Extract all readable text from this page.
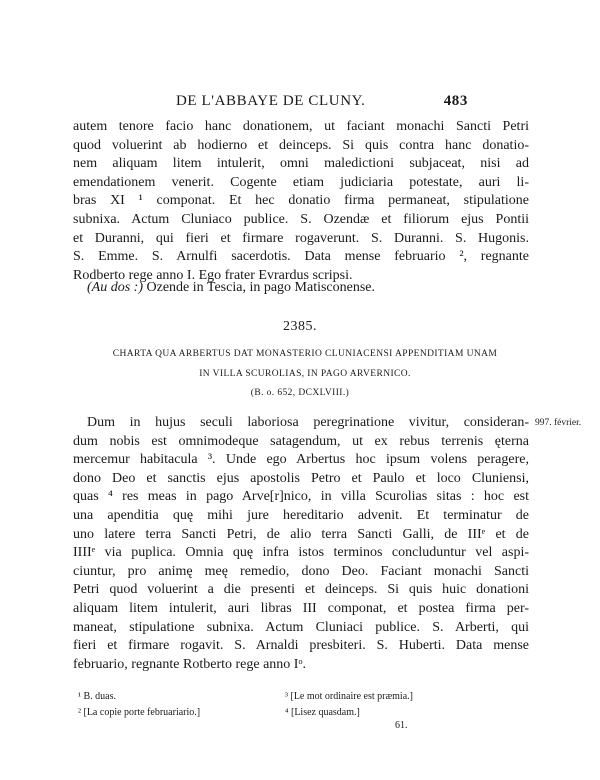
DE L'ABBAYE DE CLUNY.	483
autem tenore facio hanc donationem, ut faciant monachi Sancti Petri
quod voluerint ab hodierno et deinceps. Si quis contra hanc donatio-
nem aliquam litem intulerit, omni maledictioni subjaceat, nisi ad
emendationem venerit. Cogente etiam judiciaria potestate, auri li-
bras XI ¹ componat. Et hec donatio firma permaneat, stipulatione
subnixa. Actum Cluniaco publice. S. Ozendæ et filiorum ejus Pontii
et Duranni, qui fieri et firmare rogaverunt. S. Duranni. S. Hugonis.
S. Emme. S. Arnulfi sacerdotis. Data mense februario ², regnante
Rodberto rege anno I. Ego frater Evrardus scripsi.
(Au dos :) Ozende in Tescia, in pago Matisconense.
2385.
CHARTA QUA ARBERTUS DAT MONASTERIO CLUNIACENSI APPENDITIAM UNAM
IN VILLA SCUROLIAS, IN PAGO ARVERNICO.
(B. o. 652, DCXLVIII.)
997. février.
Dum in hujus seculi laboriosa peregrinatione vivitur, consideran-
dum nobis est omnimodeque satagendum, ut ex rebus terrenis ęterna
mercemur habitacula ³. Unde ego Arbertus hoc ipsum volens peragere,
dono Deo et sanctis ejus apostolis Petro et Paulo et loco Cluniensi,
quas ⁴ res meas in pago Arve[r]nico, in villa Scurolias sitas : hoc est
una apenditia quę mihi jure hereditario advenit. Et terminatur de
uno latere terra Sancti Petri, de alio terra Sancti Galli, de IIIᵉ et de
IIIIᵉ via puplica. Omnia quę infra istos terminos concluduntur vel aspi-
ciuntur, pro animę meę remedio, dono Deo. Faciant monachi Sancti
Petri quod voluerint a die presenti et deinceps. Si quis huic donationi
aliquam litem intulerit, auri libras III componat, et postea firma per-
maneat, stipulatione subnixa. Actum Cluniaci publice. S. Arberti, qui
fieri et firmare rogavit. S. Arnaldi presbiteri. S. Huberti. Data mense
februario, regnante Rotberto rege anno Iᵒ.
¹ B. duas.
² [La copie porte februariario.]
³ [Le mot ordinaire est præmia.]
⁴ [Lisez quasdam.]
61.
